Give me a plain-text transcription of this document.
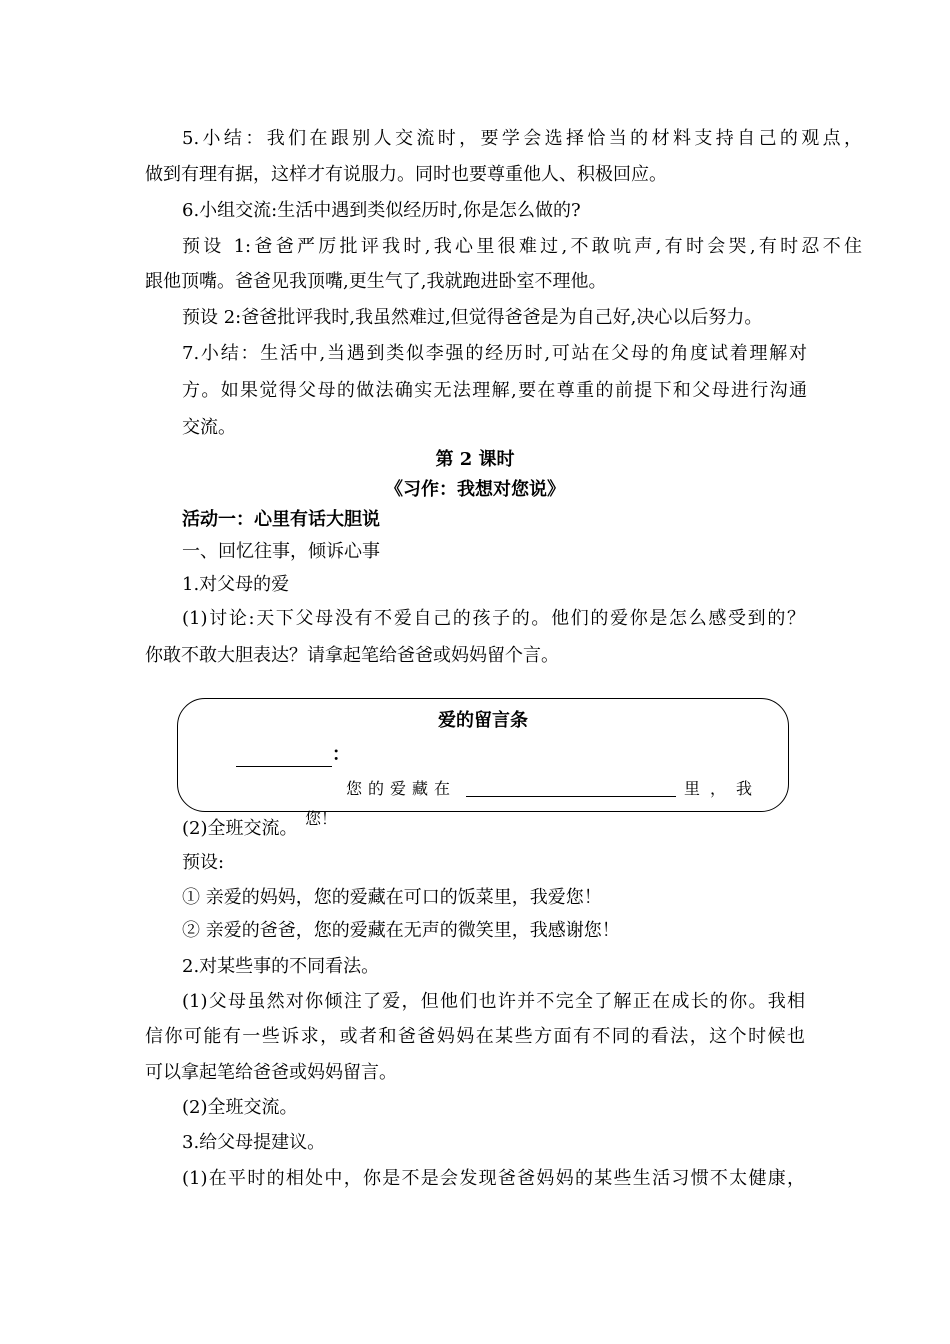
5.小结：我们在跟别人交流时，要学会选择恰当的材料支持自己的观点，
做到有理有据，这样才有说服力。同时也要尊重他人、积极回应。
6.小组交流:生活中遇到类似经历时,你是怎么做的?
预设 1:爸爸严厉批评我时,我心里很难过,不敢吭声,有时会哭,有时忍不住
跟他顶嘴。爸爸见我顶嘴,更生气了,我就跑进卧室不理他。
预设 2:爸爸批评我时,我虽然难过,但觉得爸爸是为自己好,决心以后努力。
7.小结：生活中,当遇到类似李强的经历时,可站在父母的角度试着理解对
方。如果觉得父母的做法确实无法理解,要在尊重的前提下和父母进行沟通
交流。
第 2 课时
《习作：我想对您说》
活动一：心里有话大胆说
一、回忆往事，倾诉心事
1.对父母的爱
(1)讨论:天下父母没有不爱自己的孩子的。他们的爱你是怎么感受到的？
你敢不敢大胆表达？请拿起笔给爸爸或妈妈留个言。
爱的留言条
：
您的爱藏在	里，我
您！
(2)全班交流。
预设:
① 亲爱的妈妈，您的爱藏在可口的饭菜里，我爱您！
② 亲爱的爸爸，您的爱藏在无声的微笑里，我感谢您！
2.对某些事的不同看法。
(1)父母虽然对你倾注了爱，但他们也许并不完全了解正在成长的你。我相
信你可能有一些诉求，或者和爸爸妈妈在某些方面有不同的看法，这个时候也
可以拿起笔给爸爸或妈妈留言。
(2)全班交流。
3.给父母提建议。
(1)在平时的相处中，你是不是会发现爸爸妈妈的某些生活习惯不太健康，
